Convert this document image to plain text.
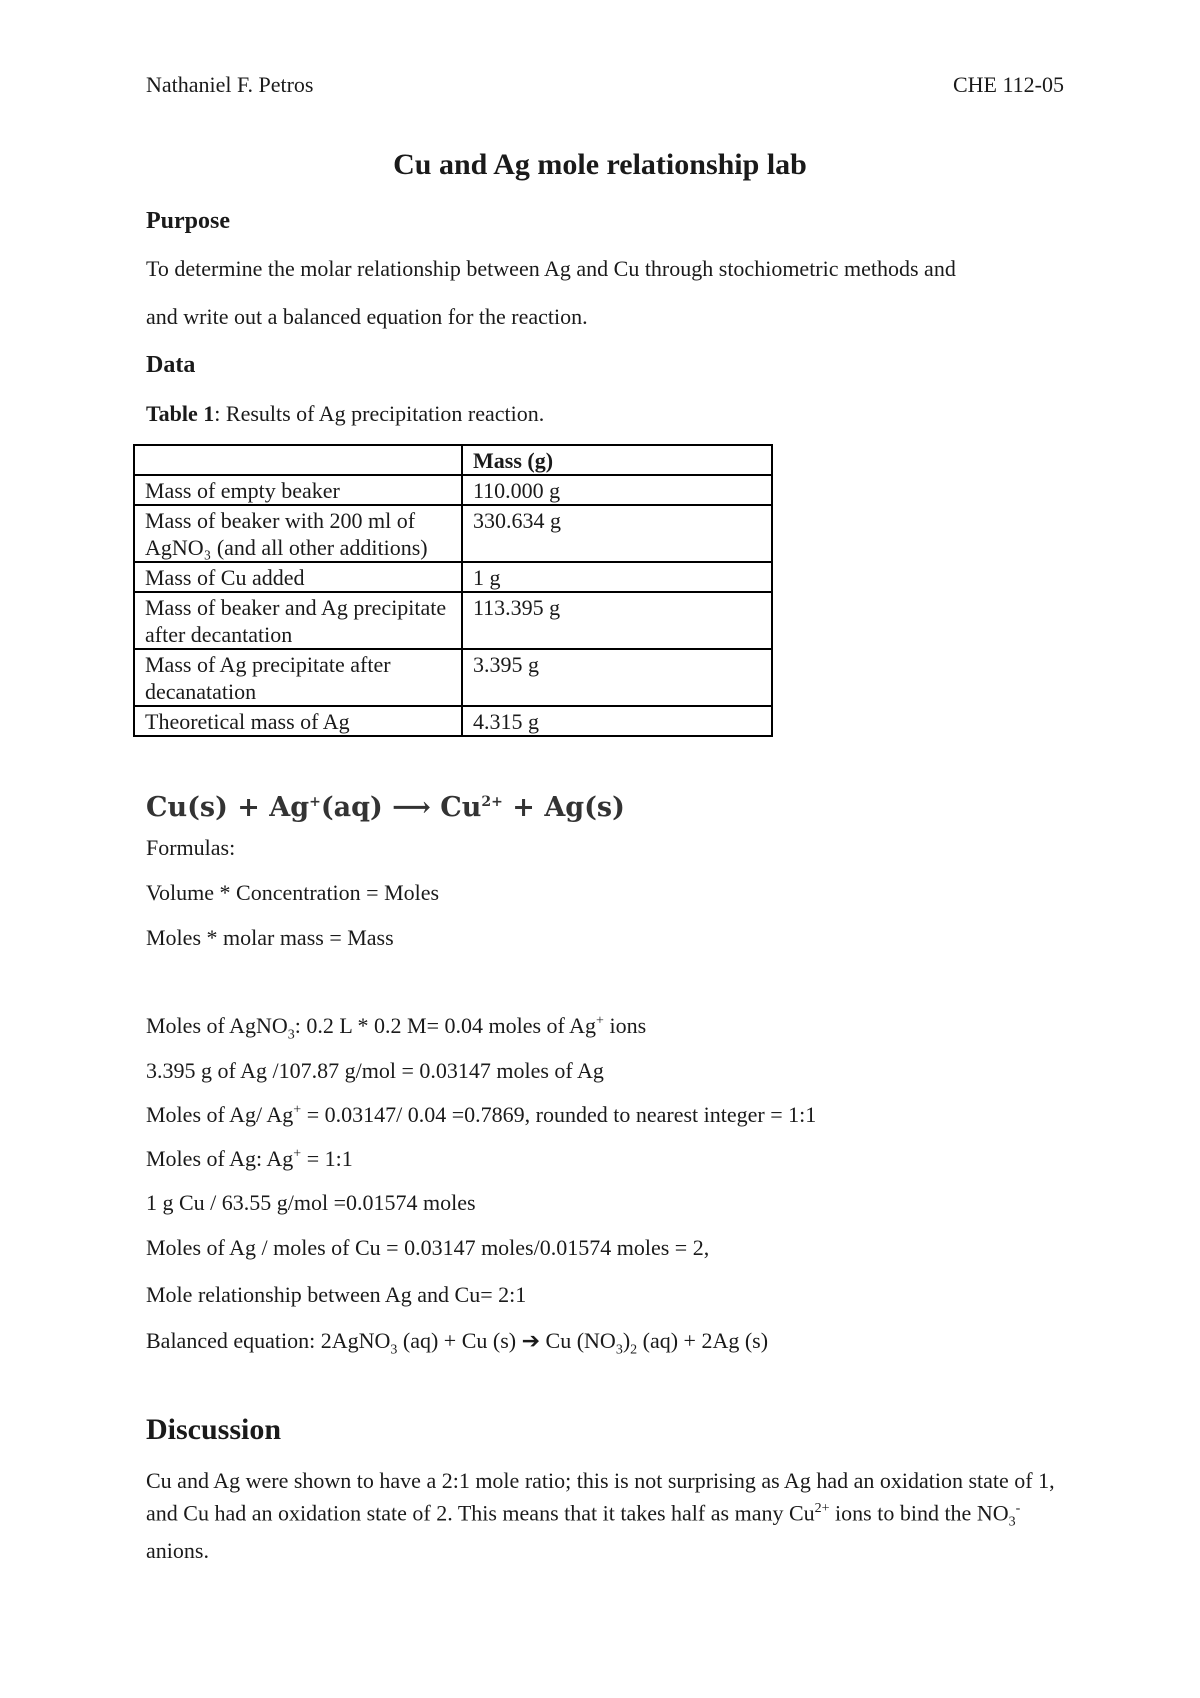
Nathaniel F. Petros	CHE 112-05
Cu and Ag mole relationship lab
Purpose
To determine the molar relationship between Ag and Cu through stochiometric methods and
and write out a balanced equation for the reaction.
Data
Table 1: Results of Ag precipitation reaction.
	Mass (g)
Mass of empty beaker	110.000 g
Mass of beaker with 200 ml of AgNO₃ (and all other additions)	330.634 g
Mass of Cu added	1 g
Mass of beaker and Ag precipitate after decantation	113.395 g
Mass of Ag precipitate after decanatation	3.395 g
Theoretical mass of Ag	4.315 g
Cu(s) + Ag+(aq) ⟶ $Cu^{2+} + Ag(s)$
Formulas:
Volume * Concentration = Moles
Moles * molar mass = Mass
Moles of AgNO$_3$: 0.2 L * 0.2 M= 0.04 moles of Ag+ ions
3.395 g of Ag /107.87 g/mol = 0.03147 moles of Ag
Moles of Ag/ Ag+ = 0.03147/ 0.04 =0.7869, rounded to nearest integer = 1:1
Moles of Ag: Ag+ = 1:1
1 g Cu / 63.55 g/mol =0.01574 moles
Moles of Ag / moles of Cu = 0.03147 moles/0.01574 moles = 2,
Mole relationship between Ag and Cu= 2:1
Balanced equation: 2AgNO$_3$ (aq) + Cu (s) ➔ Cu $(NO_3)_2$ (aq) + 2Ag (s)
Discussion
Cu and Ag were shown to have a 2:1 mole ratio; this is not surprising as Ag had an oxidation state of 1, and Cu had an oxidation state of 2. This means that it takes half as many $Cu^{2+}$ ions to bind the $NO_3^-$ anions.
